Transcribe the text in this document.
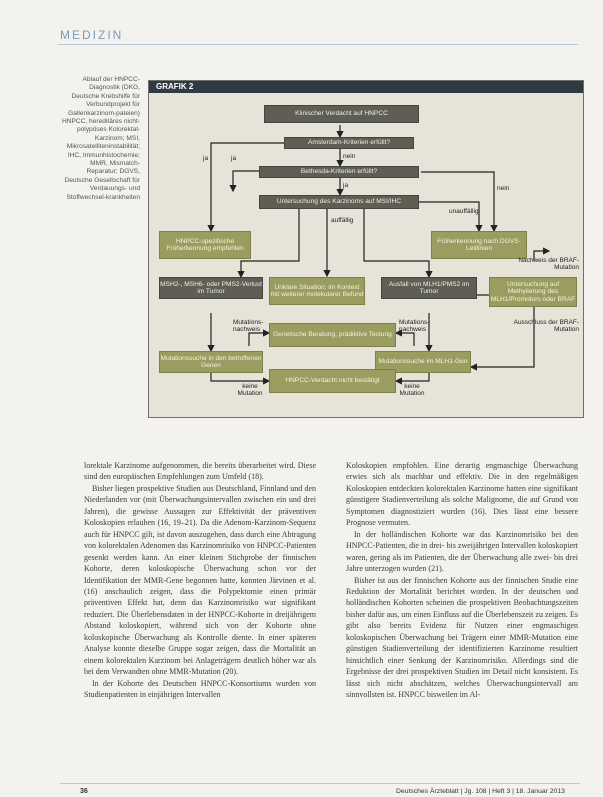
MEDIZIN
Ablauf der HNPCC-Diagnostik (DKG, Deutsche Krebshilfe für Verbundprojekt für Gallenkarzinom-pateien) HNPCC, hereditäres nicht-polypöses Kolorektal-Karzinom; MSI, Mikrosatelliteninstabilität; IHC, Immunhistochemie; MMR, Mismatch-Reparatur; DGVS, Deutsche Gesellschaft für Verdauungs- und Stoffwechsel-krankheiten
GRAFIK 2
Klinischer Verdacht auf HNPCC
Amsterdam-Kriterien erfüllt?
Bethesda-Kriterien erfüllt?
Untersuchung des Karzinoms auf MSI/IHC
HNPCC-spezifische Früherkennung empfehlen
Früherkennung nach DGVS-Leitlinien
MSH2-, MSH6- oder PMS2-Verlust im Tumor
Unklare Situation: im Kontext mit weiterer molekularer Befund
Ausfall von MLH1/PMS2 im Tumor
Untersuchung auf Methylierung des MLH1/Promotors oder BRAF
Genetische Beratung, prädiktive Testung
Mutationssuche in den betroffenen Genen
Mutationssuche im MLH1-Gen
HNPCC-Verdacht nicht bestätigt
ja	ja	nein
ja	nein
unauffällig
auffällig
Nachweis der BRAF-Mutation
Mutations-nachweis
Mutations-nachweis
Ausschluss der BRAF-Mutation
keine Mutation
keine Mutation

lorektale Karzinome aufgenommen, die bereits überarbeitet wird. Diese sind den europäischen Empfehlungen zum Umfeld (18).

Bisher liegen prospektive Studien aus Deutschland, Finnland und den Niederlanden vor (mit Überwachungsintervallen zwischen ein und drei Jahren), die gewisse Aussagen zur Effektivität der präventiven Koloskopien erlauben (16, 19–21). Da die Adenom-Karzinom-Sequenz auch für HNPCC gilt, ist davon auszugehen, dass durch eine Abtragung von kolorektalen Adenomen das Karzinomrisiko von HNPCC-Patienten gesenkt werden kann. An einer kleinen Stichprobe der finnischen Kohorte, deren koloskopische Überwachung schon vor der Identifikation der MMR-Gene begonnen hatte, konnten Järvinen et al. (16) anschaulich zeigen, dass die Polypektomie einen primär präventiven Effekt hat, denn das Karzinomrisiko war signifikant reduziert. Die Überlebensdaten in der HNPCC-Kohorte in dreijährigem Abstand koloskopiert, während sich von der Kohorte ohne koloskopische Überwachung als Kontrolle diente. In einer späteren Analyse konnte dieselbe Gruppe sogar zeigen, dass die Mortalität an einem kolorektalen Karzinom bei Anlageträgern deutlich höher war als bei dem Verwandten ohne MMR-Mutation (20).

In der Kohorte des Deutschen HNPCC-Konsortiums wurden von Studienpatienten in einjährigen Intervallen

Koloskopien empfohlen. Eine derartig engmaschige Überwachung erwies sich als machbar und effektiv. Die in den regelmäßigen Koloskopien entdeckten kolorektalen Karzinome hatten eine signifikant günstigere Stadienverteilung als solche Malignome, die auf Grund von Symptomen diagnostiziert wurden (16). Dies lässt eine bessere Prognose vermuten.

In der holländischen Kohorte war das Karzinomrisiko bei den HNPCC-Patienten, die in drei- bis zweijährigen Intervallen koloskopiert waren, gering als im Patienten, die der Überwachung alle zwei- bis drei Jahre unterzogen wurden (21).

Bisher ist aus der finnischen Kohorte aus der finnischen Studie eine Reduktion der Mortalität berichtet worden. In der deutschen und holländischen Kohorten scheinen die prospektiven Beobachtungszeiten bisher dafür aus, um einen Einfluss auf die Überlebenszeit zu zeigen. Es gibt also bereits Evidenz für Nutzen einer engmaschigen koloskopischen Überwachung bei Trägern einer MMR-Mutation eine günstigen Stadienverteilung der identifizierten Karzinome resultiert hinsichtlich einer Senkung der Karzinomrisiko. Allerdings sind die Ergebnisse der drei prospektiven Studien im Detail nicht konsistent. Es lässt sich nicht abschätzen, welches Überwachungsintervall am sinnvollsten ist. HNPCC bisweilen im Al-

36	Deutsches Ärzteblatt | Jg. 108 | Heft 3 | 18. Januar 2013
